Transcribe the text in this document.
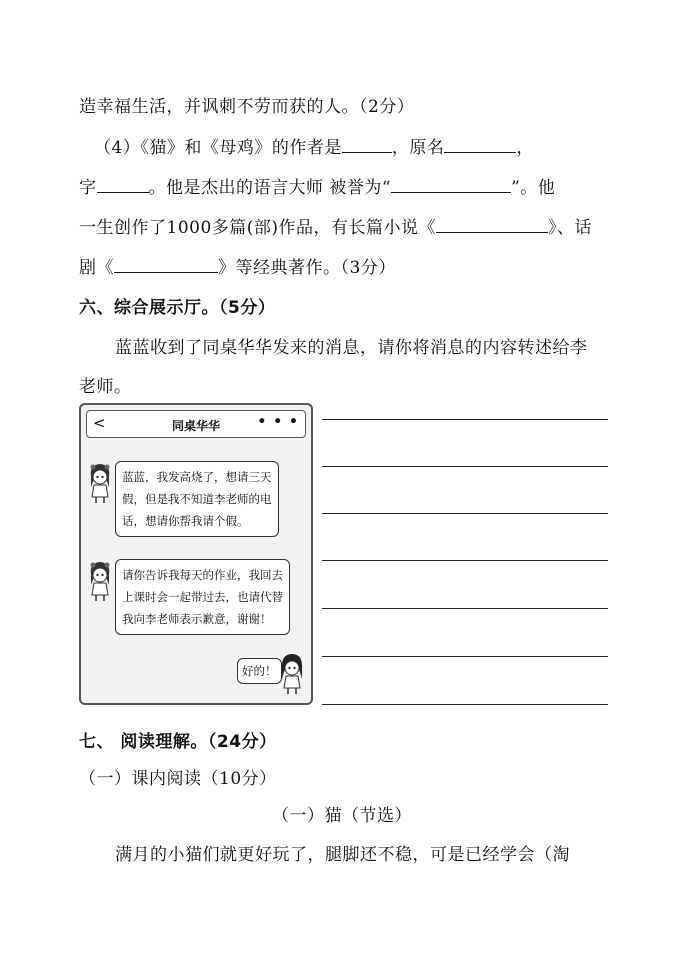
造幸福生活，并讽刺不劳而获的人。（2分）
（4）《猫》和《母鸡》的作者是	，原名	，
字	。他是杰出的语言大师 被誉为“	”。他
一生创作了1000多篇(部)作品，有长篇小说《	》、话
剧《	》等经典著作。（3分）
六、综合展示厅。（5分）
蓝蓝收到了同桌华华发来的消息，请你将消息的内容转述给李
老师。
<	同桌华华	• • •
蓝蓝，我发高烧了，想请三天
假，但是我不知道李老师的电
话，想请你帮我请个假。
请你告诉我每天的作业，我回去
上课时会一起带过去，也请代替
我向李老师表示歉意，谢谢！
好的！
七、 阅读理解。（24分）
（一）课内阅读（10分）
（一）猫（节选）
满月的小猫们就更好玩了，腿脚还不稳，可是已经学会（淘
